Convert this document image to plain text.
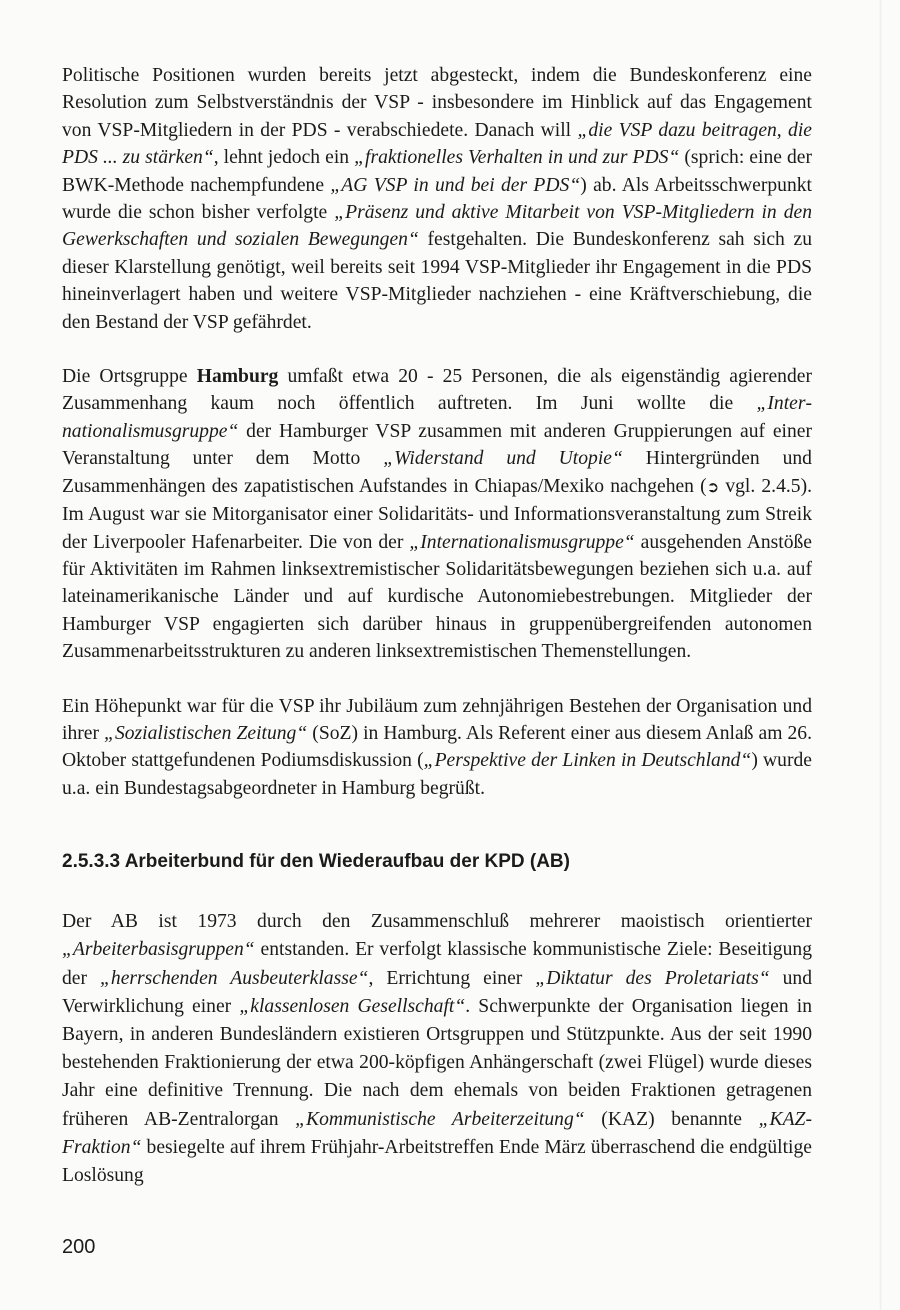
Politische Positionen wurden bereits jetzt abgesteckt, indem die Bundeskonferenz eine Resolution zum Selbstverständnis der VSP - insbesondere im Hinblick auf das Engagement von VSP-Mitgliedern in der PDS - verabschiedete. Danach will „die VSP dazu beitragen, die PDS ... zu stärken“, lehnt jedoch ein „fraktionelles Verhalten in und zur PDS“ (sprich: eine der BWK-Methode nachempfundene „AG VSP in und bei der PDS“) ab. Als Arbeitsschwerpunkt wurde die schon bisher verfolgte „Präsenz und aktive Mitarbeit von VSP-Mitgliedern in den Gewerkschaften und sozialen Bewegungen“ festgehalten. Die Bundeskonferenz sah sich zu dieser Klarstellung genötigt, weil bereits seit 1994 VSP-Mitglieder ihr Engagement in die PDS hineinverlagert haben und weitere VSP-Mitglieder nachziehen - eine Kräftverschiebung, die den Bestand der VSP gefährdet.

Die Ortsgruppe Hamburg umfaßt etwa 20 - 25 Personen, die als eigenständig agierender Zusammenhang kaum noch öffentlich auftreten. Im Juni wollte die „Internationalismusgruppe“ der Hamburger VSP zusammen mit anderen Gruppierungen auf einer Veranstaltung unter dem Motto „Widerstand und Utopie“ Hintergründen und Zusammenhängen des zapatistischen Aufstandes in Chiapas/Mexiko nachgehen (➲ vgl. 2.4.5). Im August war sie Mitorganisator einer Solidaritäts- und Informationsveranstaltung zum Streik der Liverpooler Hafenarbeiter. Die von der „Internationalismusgruppe“ ausgehenden Anstöße für Aktivitäten im Rahmen linksextremistischer Solidaritätsbewegungen beziehen sich u.a. auf lateinamerikanische Länder und auf kurdische Autonomiebestrebungen. Mitglieder der Hamburger VSP engagierten sich darüber hinaus in gruppenübergreifenden autonomen Zusammenarbeitsstrukturen zu anderen linksextremistischen Themenstellungen.

Ein Höhepunkt war für die VSP ihr Jubiläum zum zehnjährigen Bestehen der Organisation und ihrer „Sozialistischen Zeitung“ (SoZ) in Hamburg. Als Referent einer aus diesem Anlaß am 26. Oktober stattgefundenen Podiumsdiskussion („Perspektive der Linken in Deutschland“) wurde u.a. ein Bundestagsabgeordneter in Hamburg begrüßt.

2.5.3.3 Arbeiterbund für den Wiederaufbau der KPD (AB)

Der AB ist 1973 durch den Zusammenschluß mehrerer maoistisch orientierter „Arbeiterbasisgruppen“ entstanden. Er verfolgt klassische kommunistische Ziele: Beseitigung der „herrschenden Ausbeuterklasse“, Errichtung einer „Diktatur des Proletariats“ und Verwirklichung einer „klassenlosen Gesellschaft“. Schwerpunkte der Organisation liegen in Bayern, in anderen Bundesländern existieren Ortsgruppen und Stützpunkte. Aus der seit 1990 bestehenden Fraktionierung der etwa 200-köpfigen Anhängerschaft (zwei Flügel) wurde dieses Jahr eine definitive Trennung. Die nach dem ehemals von beiden Fraktionen getragenen früheren AB-Zentralorgan „Kommunistische Arbeiterzeitung“ (KAZ) benannte „KAZ-Fraktion“ besiegelte auf ihrem Frühjahr-Arbeitstreffen Ende März überraschend die endgültige Loslösung

200
